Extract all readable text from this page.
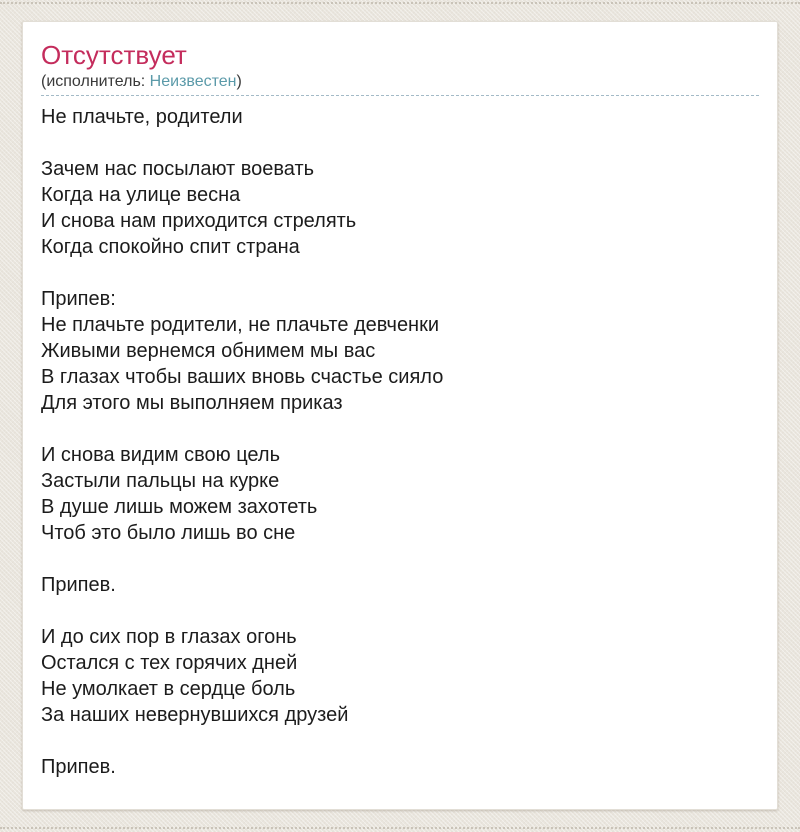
Отсутствует
(исполнитель: Неизвестен)
Не плачьте, родители

Зачем нас посылают воевать
Когда на улице весна
И снова нам приходится стрелять
Когда спокойно спит страна

Припев:
Не плачьте родители, не плачьте девченки
Живыми вернемся обнимем мы вас
В глазах чтобы ваших вновь счастье сияло
Для этого мы выполняем приказ

И снова видим свою цель
Застыли пальцы на курке
В душе лишь можем захотеть
Чтоб это было лишь во сне

Припев.

И до сих пор в глазах огонь
Остался с тех горячих дней
Не умолкает в сердце боль
За наших невернувшихся друзей

Припев.
